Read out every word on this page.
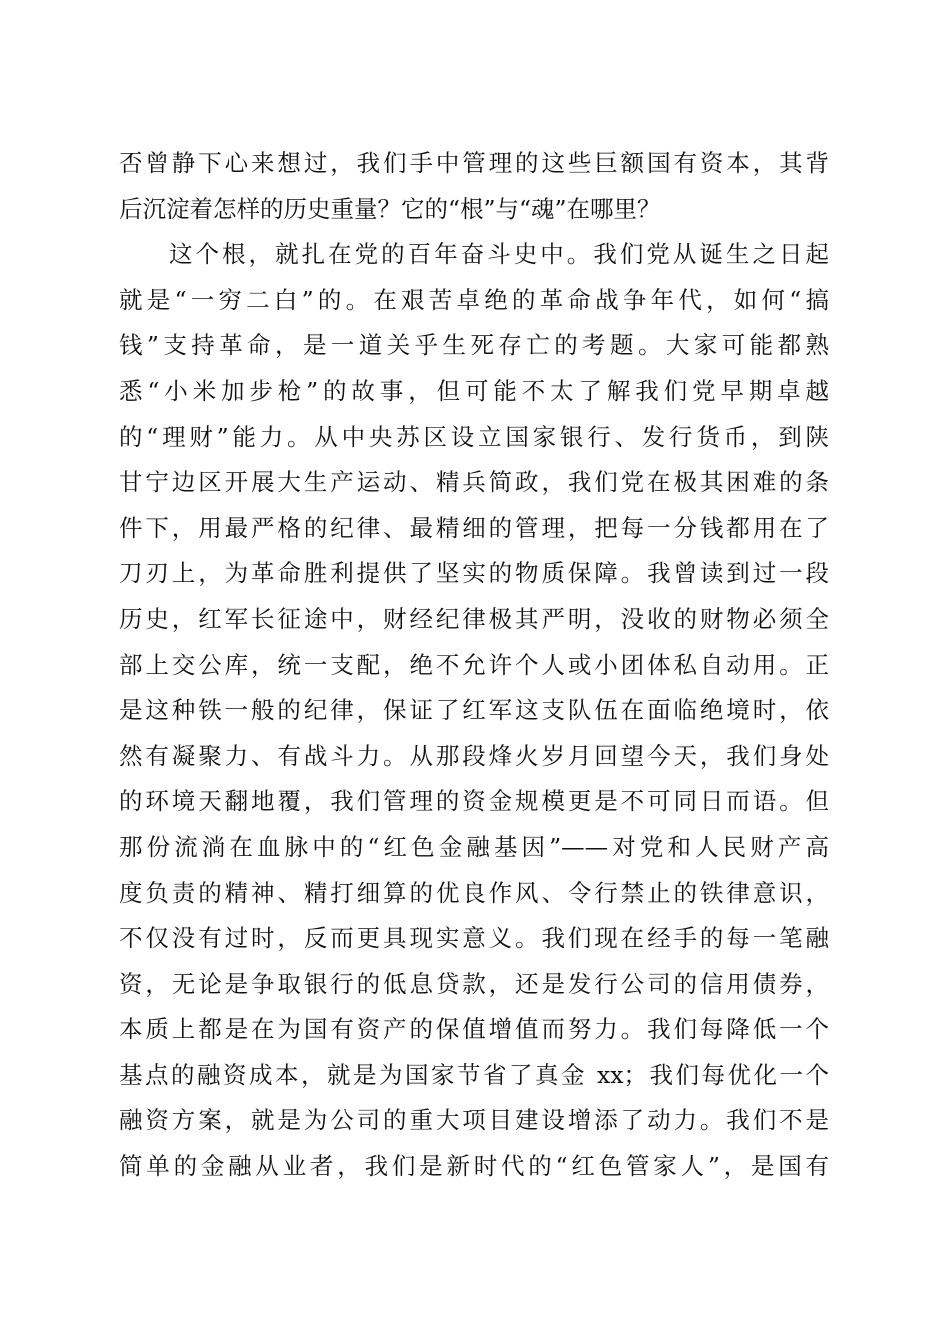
否曾静下心来想过，我们手中管理的这些巨额国有资本，其背
后沉淀着怎样的历史重量？它的“根”与“魂”在哪里？
这个根，就扎在党的百年奋斗史中。我们党从诞生之日起
就是“一穷二白”的。在艰苦卓绝的革命战争年代，如何“搞
钱”支持革命，是一道关乎生死存亡的考题。大家可能都熟
悉“小米加步枪”的故事，但可能不太了解我们党早期卓越
的“理财”能力。从中央苏区设立国家银行、发行货币，到陕
甘宁边区开展大生产运动、精兵简政，我们党在极其困难的条
件下，用最严格的纪律、最精细的管理，把每一分钱都用在了
刀刃上，为革命胜利提供了坚实的物质保障。我曾读到过一段
历史，红军长征途中，财经纪律极其严明，没收的财物必须全
部上交公库，统一支配，绝不允许个人或小团体私自动用。正
是这种铁一般的纪律，保证了红军这支队伍在面临绝境时，依
然有凝聚力、有战斗力。从那段烽火岁月回望今天，我们身处
的环境天翻地覆，我们管理的资金规模更是不可同日而语。但
那份流淌在血脉中的“红色金融基因”——对党和人民财产高
度负责的精神、精打细算的优良作风、令行禁止的铁律意识，
不仅没有过时，反而更具现实意义。我们现在经手的每一笔融
资，无论是争取银行的低息贷款，还是发行公司的信用债券，
本质上都是在为国有资产的保值增值而努力。我们每降低一个
基点的融资成本，就是为国家节省了真金 xx；我们每优化一个
融资方案，就是为公司的重大项目建设增添了动力。我们不是
简单的金融从业者，我们是新时代的“红色管家人”，是国有
